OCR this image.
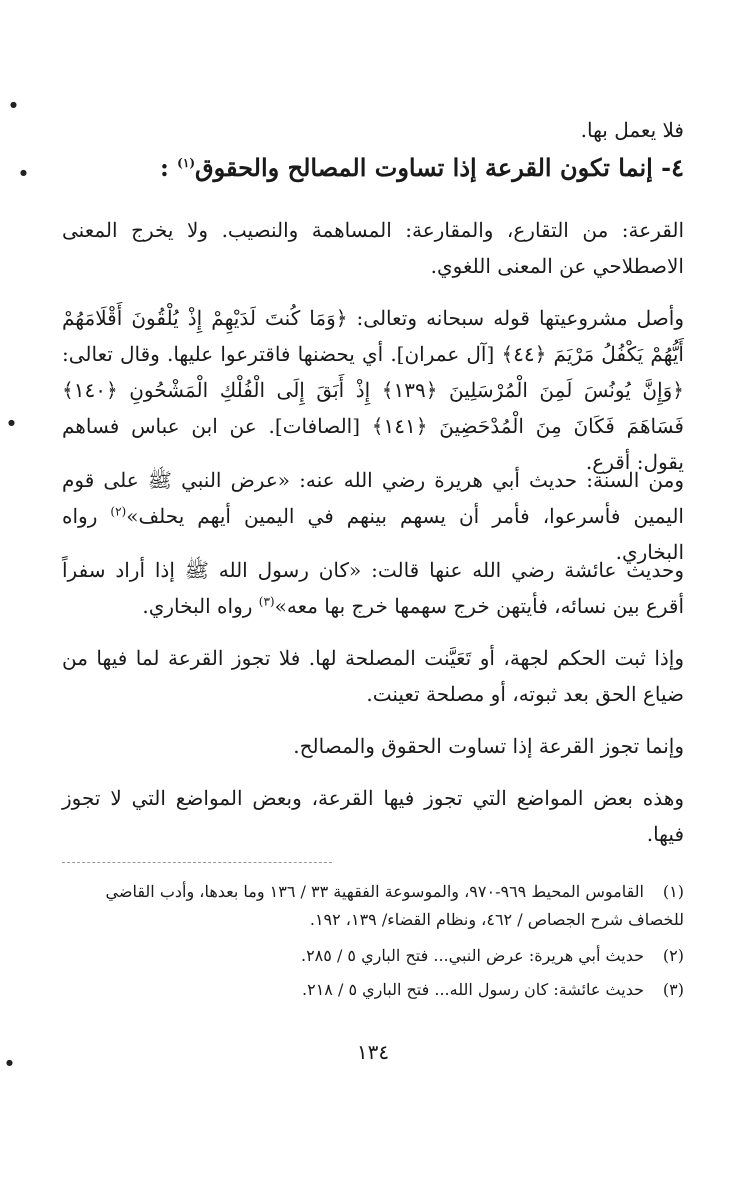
فلا يعمل بها.
٤- إنما تكون القرعة إذا تساوت المصالح والحقوق$^{(١)}$ :
القرعة: من التقارع، والمقارعة: المساهمة والنصيب. ولا يخرج المعنى الاصطلاحي عن المعنى اللغوي.
وأصل مشروعيتها قوله سبحانه وتعالى: ﴿وَمَا كُنتَ لَدَيْهِمْ إِذْ يُلْقُونَ أَقْلَامَهُمْ أَيُّهُمْ يَكْفُلُ مَرْيَمَ ﴿٤٤﴾ [آل عمران]. أي يحضنها فاقترعوا عليها. وقال تعالى: ﴿وَإِنَّ يُونُسَ لَمِنَ الْمُرْسَلِينَ ﴿١٣٩﴾ إِذْ أَبَقَ إِلَى الْفُلْكِ الْمَشْحُونِ ﴿١٤٠﴾ فَسَاهَمَ فَكَانَ مِنَ الْمُدْحَضِينَ ﴿١٤١﴾ [الصافات]. عن ابن عباس فساهم يقول: أقرع.
ومن السنة: حديث أبي هريرة رضي الله عنه: «عرض النبي ﷺ على قوم اليمين فأسرعوا، فأمر أن يسهم بينهم في اليمين أيهم يحلف»$^{(٢)}$ رواه البخاري.
وحديث عائشة رضي الله عنها قالت: «كان رسول الله ﷺ إذا أراد سفراً أقرع بين نسائه، فأيتهن خرج سهمها خرج بها معه»$^{(٣)}$ رواه البخاري.
وإذا ثبت الحكم لجهة، أو تَعَيَّنت المصلحة لها. فلا تجوز القرعة لما فيها من ضياع الحق بعد ثبوته، أو مصلحة تعينت.
وإنما تجوز القرعة إذا تساوت الحقوق والمصالح.
وهذه بعض المواضع التي تجوز فيها القرعة، وبعض المواضع التي لا تجوز فيها.
(١)القاموس المحيط ٩٦٩-٩٧٠، والموسوعة الفقهية ٣٣ / ١٣٦ وما بعدها، وأدب القاضي للخصاف شرح الجصاص / ٤٦٢، ونظام القضاء/ ١٣٩، ١٩٢.
(٢)حديث أبي هريرة: عرض النبي... فتح الباري ٥ / ٢٨٥.
(٣)حديث عائشة: كان رسول الله... فتح الباري ٥ / ٢١٨.
١٣٤
●
●
●
●
